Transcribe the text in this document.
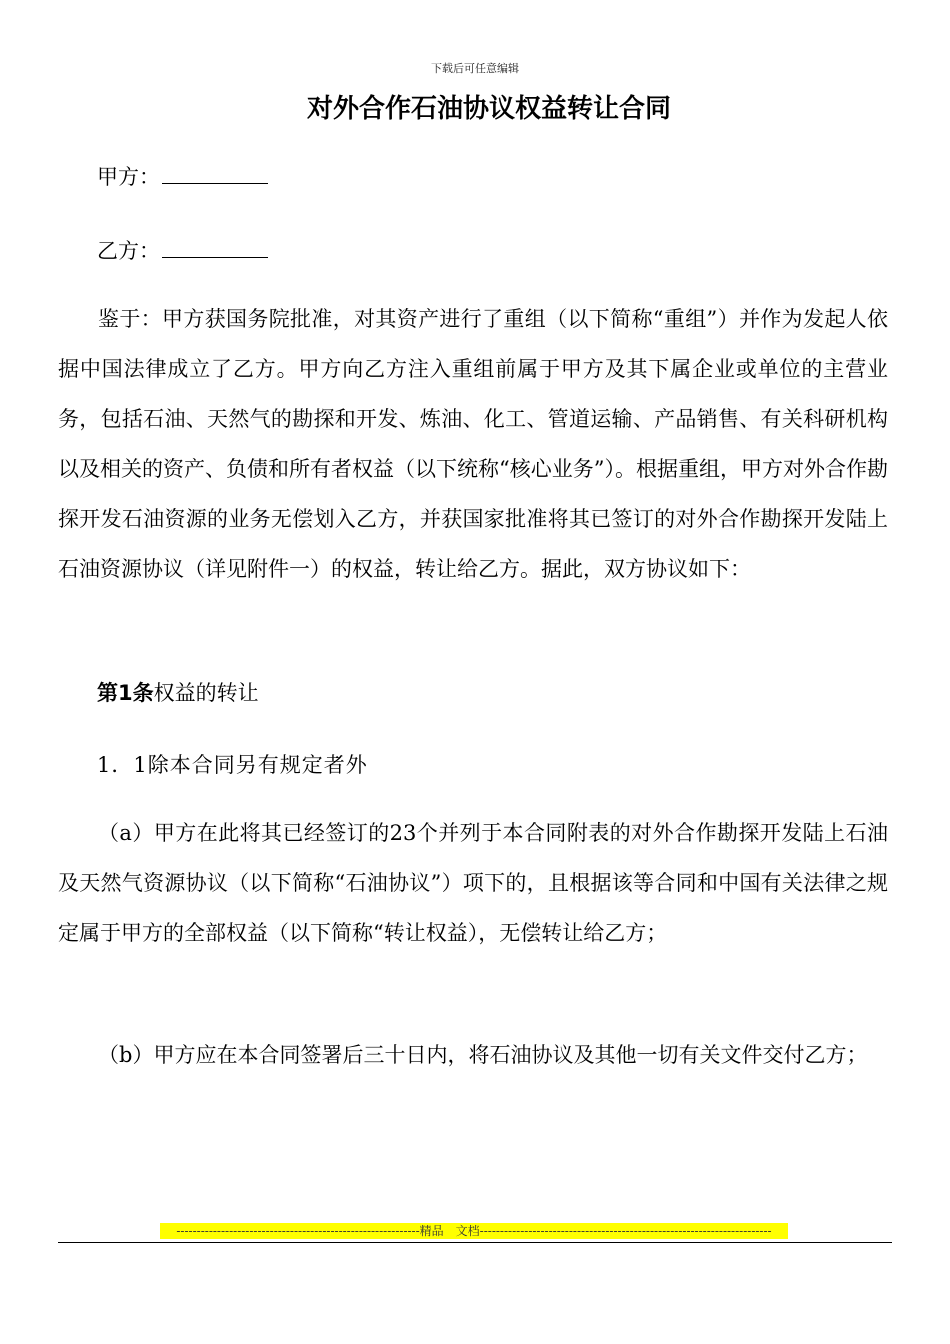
下载后可任意编辑
对外合作石油协议权益转让合同
甲方：
乙方：

鉴于：甲方获国务院批准，对其资产进行了重组（以下简称“重组”）并作为发起人依据中国法律成立了乙方。甲方向乙方注入重组前属于甲方及其下属企业或单位的主营业务，包括石油、天然气的勘探和开发、炼油、化工、管道运输、产品销售、有关科研机构以及相关的资产、负债和所有者权益（以下统称“核心业务”）。根据重组，甲方对外合作勘探开发石油资源的业务无偿划入乙方，并获国家批准将其已签订的对外合作勘探开发陆上石油资源协议（详见附件一）的权益，转让给乙方。据此，双方协议如下：

第1条权益的转让
1．1除本合同另有规定者外

（a）甲方在此将其已经签订的23个并列于本合同附表的对外合作勘探开发陆上石油及天然气资源协议（以下简称“石油协议”）项下的，且根据该等合同和中国有关法律之规定属于甲方的全部权益（以下简称“转让权益），无偿转让给乙方；

（b）甲方应在本合同签署后三十日内，将石油协议及其他一切有关文件交付乙方；

------------------------------------------------------------精品　文档------------------------------------------------------------------------
